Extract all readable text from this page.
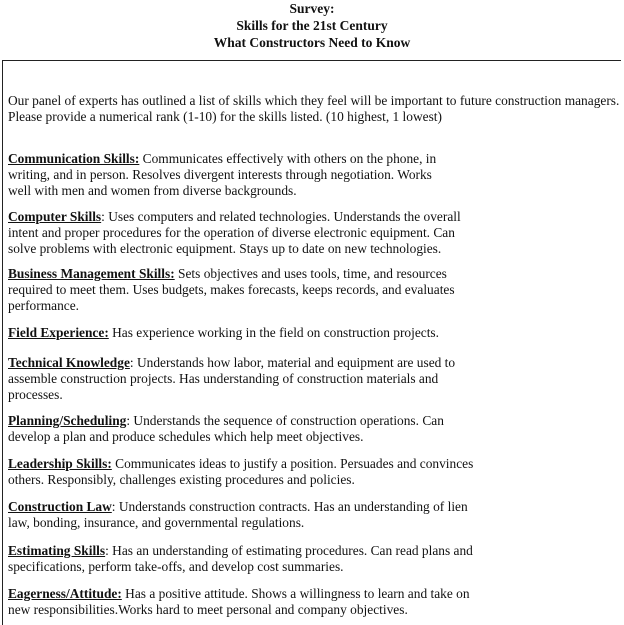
Survey:
Skills for the 21st Century
What Constructors Need to Know
Our panel of experts has outlined a list of skills which they feel will be important to future construction managers. Please provide a numerical rank (1-10) for the skills listed. (10 highest, 1 lowest)
Communication Skills: Communicates effectively with others on the phone, in
writing, and in person. Resolves divergent interests through negotiation. Works
well with men and women from diverse backgrounds.
Computer Skills: Uses computers and related technologies. Understands the overall
intent and proper procedures for the operation of diverse electronic equipment. Can
solve problems with electronic equipment. Stays up to date on new technologies.
Business Management Skills: Sets objectives and uses tools, time, and resources
required to meet them. Uses budgets, makes forecasts, keeps records, and evaluates
performance.
Field Experience: Has experience working in the field on construction projects.
Technical Knowledge: Understands how labor, material and equipment are used to
assemble construction projects. Has understanding of construction materials and
processes.
Planning/Scheduling: Understands the sequence of construction operations. Can
develop a plan and produce schedules which help meet objectives.
Leadership Skills: Communicates ideas to justify a position. Persuades and convinces
others. Responsibly, challenges existing procedures and policies.
Construction Law: Understands construction contracts. Has an understanding of lien
law, bonding, insurance, and governmental regulations.
Estimating Skills: Has an understanding of estimating procedures. Can read plans and
specifications, perform take-offs, and develop cost summaries.
Eagerness/Attitude: Has a positive attitude. Shows a willingness to learn and take on
new responsibilities.Works hard to meet personal and company objectives.
